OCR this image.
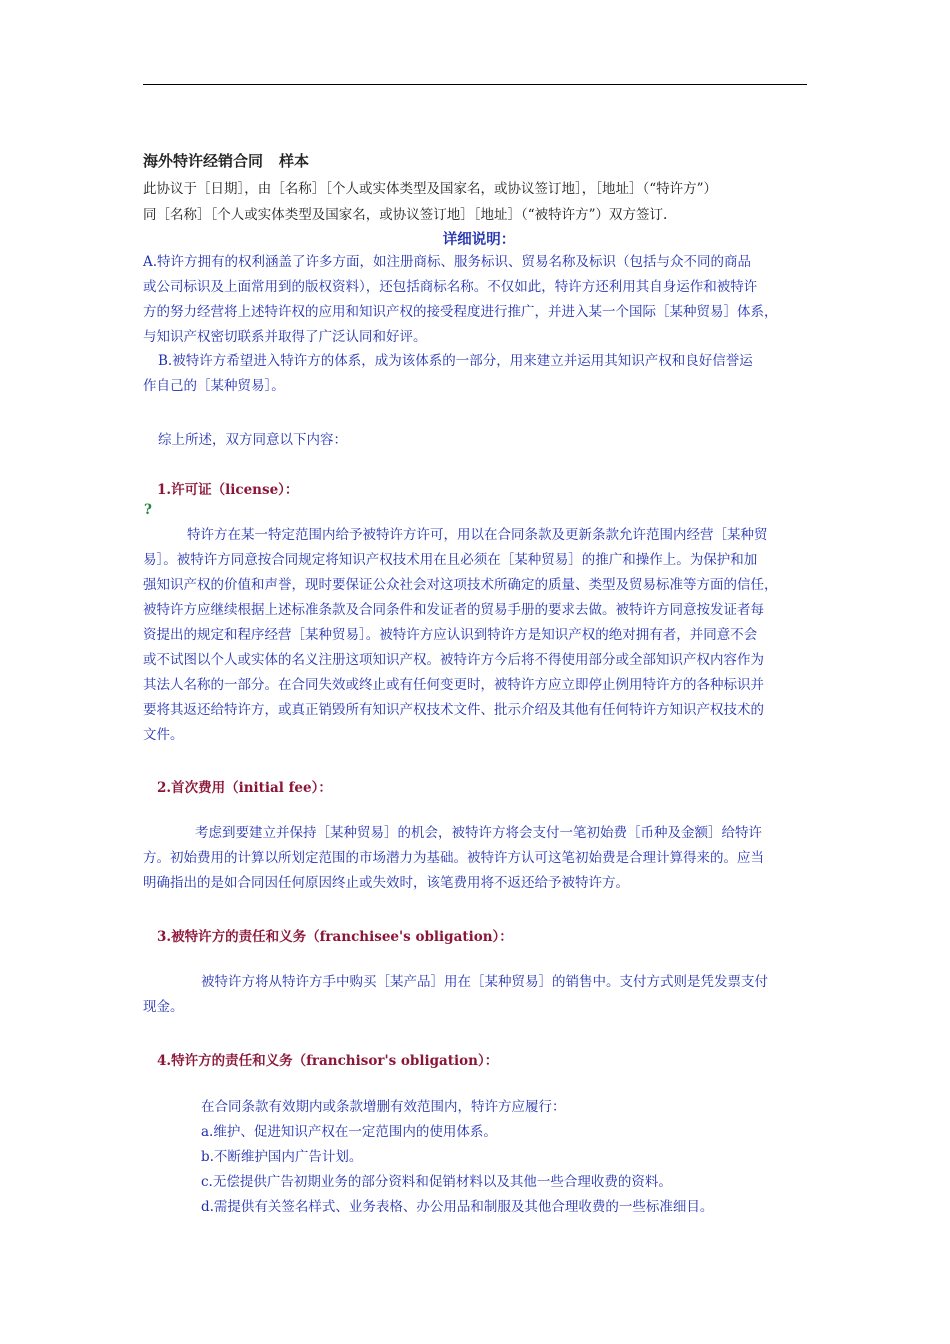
海外特许经销合同 样本
此协议于［日期］，由［名称］［个人或实体类型及国家名，或协议签订地］，［地址］（“特许方”）
同［名称］［个人或实体类型及国家名，或协议签订地］［地址］（“被特许方”）双方签订.
详细说明：
A.特许方拥有的权利涵盖了许多方面，如注册商标、服务标识、贸易名称及标识（包括与众不同的商品
或公司标识及上面常用到的版权资料），还包括商标名称。不仅如此，特许方还利用其自身运作和被特许
方的努力经营将上述特许权的应用和知识产权的接受程度进行推广，并进入某一个国际［某种贸易］体系，
与知识产权密切联系并取得了广泛认同和好评。
B.被特许方希望进入特许方的体系，成为该体系的一部分，用来建立并运用其知识产权和良好信誉运
作自己的［某种贸易］。
综上所述，双方同意以下内容：
1.许可证（license）：
?
特许方在某一特定范围内给予被特许方许可，用以在合同条款及更新条款允许范围内经营［某种贸
易］。被特许方同意按合同规定将知识产权技术用在且必须在［某种贸易］的推广和操作上。为保护和加
强知识产权的价值和声誉，现时要保证公众社会对这项技术所确定的质量、类型及贸易标准等方面的信任，
被特许方应继续根据上述标准条款及合同条件和发证者的贸易手册的要求去做。被特许方同意按发证者每
资提出的规定和程序经营［某种贸易］。被特许方应认识到特许方是知识产权的绝对拥有者，并同意不会
或不试图以个人或实体的名义注册这项知识产权。被特许方今后将不得使用部分或全部知识产权内容作为
其法人名称的一部分。在合同失效或终止或有任何变更时，被特许方应立即停止例用特许方的各种标识并
要将其返还给特许方，或真正销毁所有知识产权技术文件、批示介绍及其他有任何特许方知识产权技术的
文件。
2.首次费用（initial fee）：
考虑到要建立并保持［某种贸易］的机会，被特许方将会支付一笔初始费［币种及金额］给特许
方。初始费用的计算以所划定范围的市场潜力为基础。被特许方认可这笔初始费是合理计算得来的。应当
明确指出的是如合同因任何原因终止或失效时，该笔费用将不返还给予被特许方。
3.被特许方的责任和义务（franchisee's obligation）：
被特许方将从特许方手中购买［某产品］用在［某种贸易］的销售中。支付方式则是凭发票支付
现金。
4.特许方的责任和义务（franchisor's obligation）：
在合同条款有效期内或条款增删有效范围内，特许方应履行：
a.维护、促进知识产权在一定范围内的使用体系。
b.不断维护国内广告计划。
c.无偿提供广告初期业务的部分资料和促销材料以及其他一些合理收费的资料。
d.需提供有关签名样式、业务表格、办公用品和制服及其他合理收费的一些标准细目。
